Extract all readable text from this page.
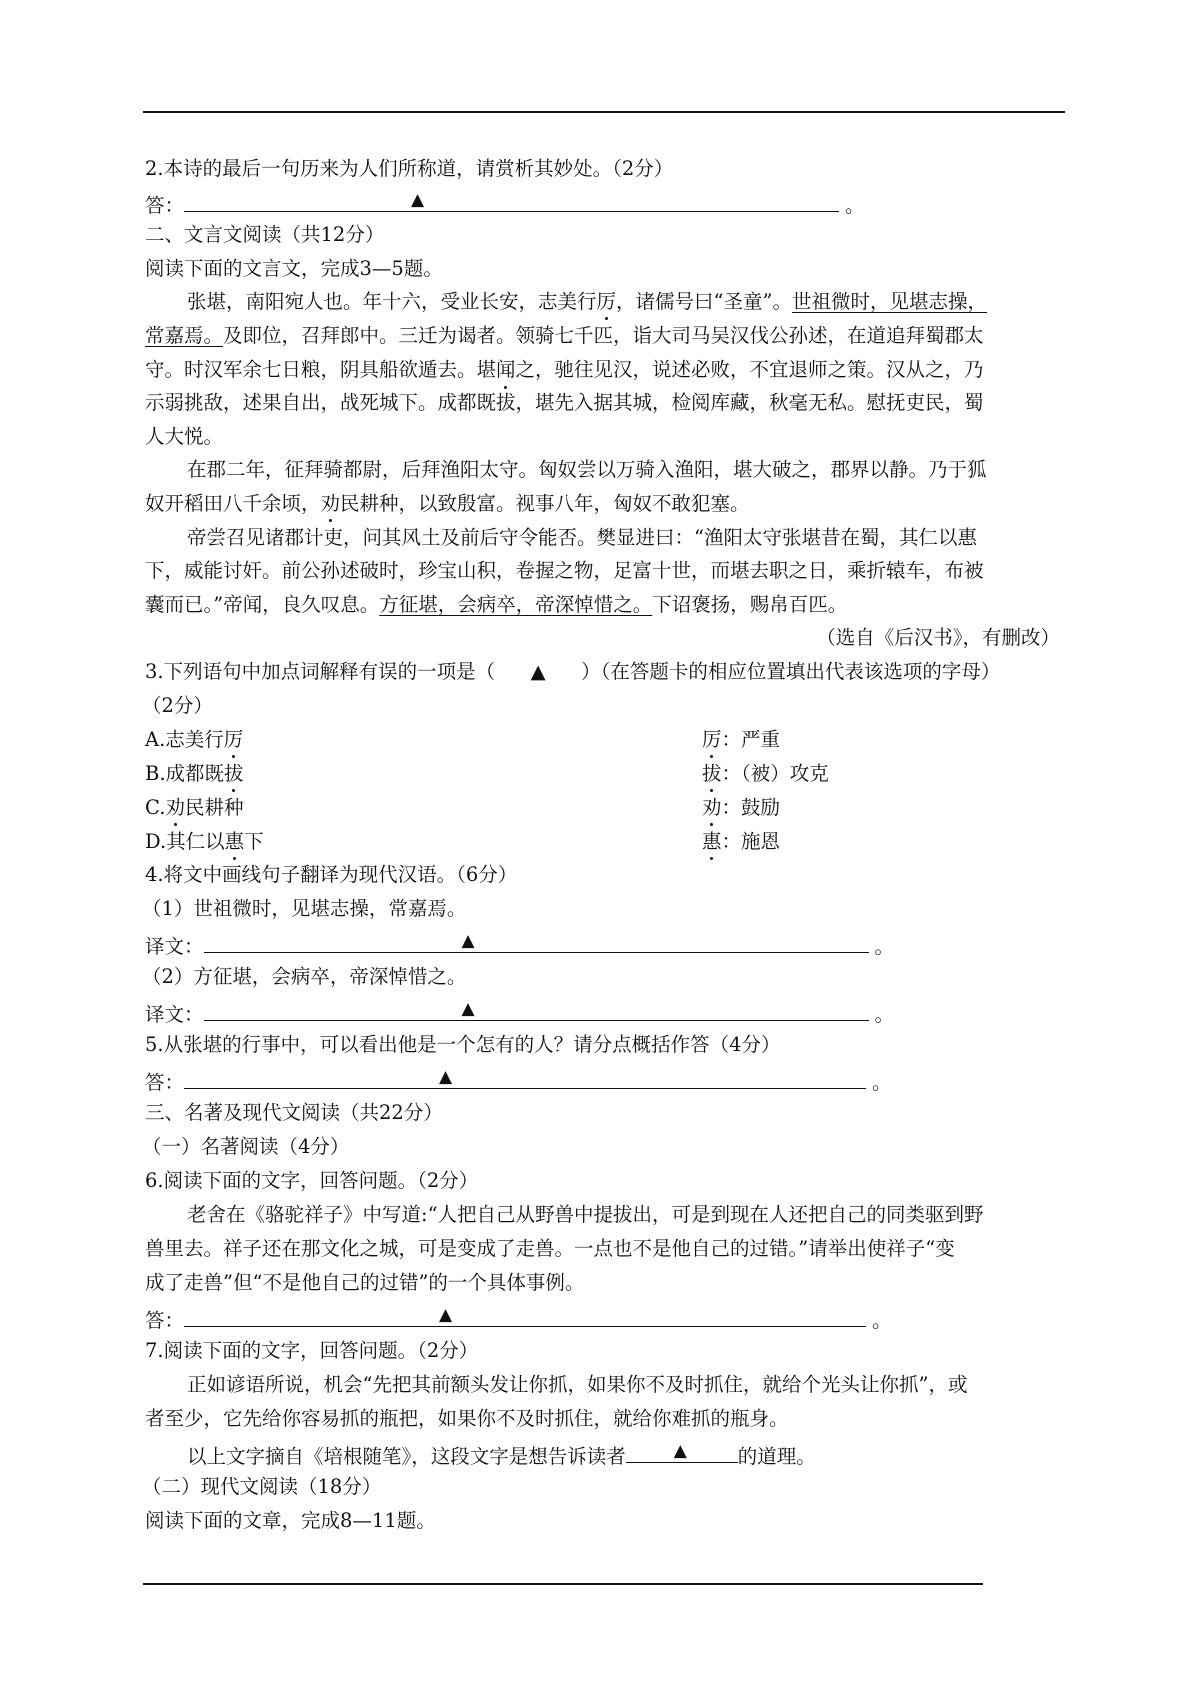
2.本诗的最后一句历来为人们所称道，请赏析其妙处。（2分）
答：	▲	。
二、文言文阅读（共12分）
阅读下面的文言文，完成3—5题。
张堪，南阳宛人也。年十六，受业长安，志美行厉，诸儒号曰“圣童”。世祖微时，见堪志操，
常嘉焉。及即位，召拜郎中。三迁为谒者。领骑七千匹，诣大司马吴汉伐公孙述，在道追拜蜀郡太
守。时汉军余七日粮，阴具船欲遁去。堪闻之，驰往见汉，说述必败，不宜退师之策。汉从之，乃
示弱挑敌，述果自出，战死城下。成都既拔，堪先入据其城，检阅库藏，秋毫无私。慰抚吏民，蜀
人大悦。
在郡二年，征拜骑都尉，后拜渔阳太守。匈奴尝以万骑入渔阳，堪大破之，郡界以静。乃于狐
奴开稻田八千余顷，劝民耕种，以致殷富。视事八年，匈奴不敢犯塞。
帝尝召见诸郡计吏，问其风土及前后守令能否。樊显进曰：“渔阳太守张堪昔在蜀，其仁以惠
下，威能讨奸。前公孙述破时，珍宝山积，卷握之物，足富十世，而堪去职之日，乘折辕车，布被
囊而已。”帝闻，良久叹息。方征堪，会病卒，帝深悼惜之。下诏褒扬，赐帛百匹。
（选自《后汉书》，有删改）
3.下列语句中加点词解释有误的一项是（ ▲ ）（在答题卡的相应位置填出代表该选项的字母）
（2分）
A.志美行厉	厉：严重
B.成都既拔	拔：（被）攻克
C.劝民耕种	劝：鼓励
D.其仁以惠下	惠：施恩
4.将文中画线句子翻译为现代汉语。（6分）
（1）世祖微时，见堪志操，常嘉焉。
译文：	▲	。
（2）方征堪，会病卒，帝深悼惜之。
译文：	▲	。
5.从张堪的行事中，可以看出他是一个怎有的人？请分点概括作答（4分）
答：	▲	。
三、名著及现代文阅读（共22分）
（一）名著阅读（4分）
6.阅读下面的文字，回答问题。（2分）
老舍在《骆驼祥子》中写道:“人把自己从野兽中提拔出，可是到现在人还把自己的同类驱到野
兽里去。祥子还在那文化之城，可是变成了走兽。一点也不是他自己的过错。”请举出使祥子“变
成了走兽”但“不是他自己的过错”的一个具体事例。
答：	▲	。
7.阅读下面的文字，回答问题。（2分）
正如谚语所说，机会“先把其前额头发让你抓，如果你不及时抓住，就给个光头让你抓”，或
者至少，它先给你容易抓的瓶把，如果你不及时抓住，就给你难抓的瓶身。
以上文字摘自《培根随笔》，这段文字是想告诉读者	▲	的道理。
（二）现代文阅读（18分）
阅读下面的文章，完成8—11题。
